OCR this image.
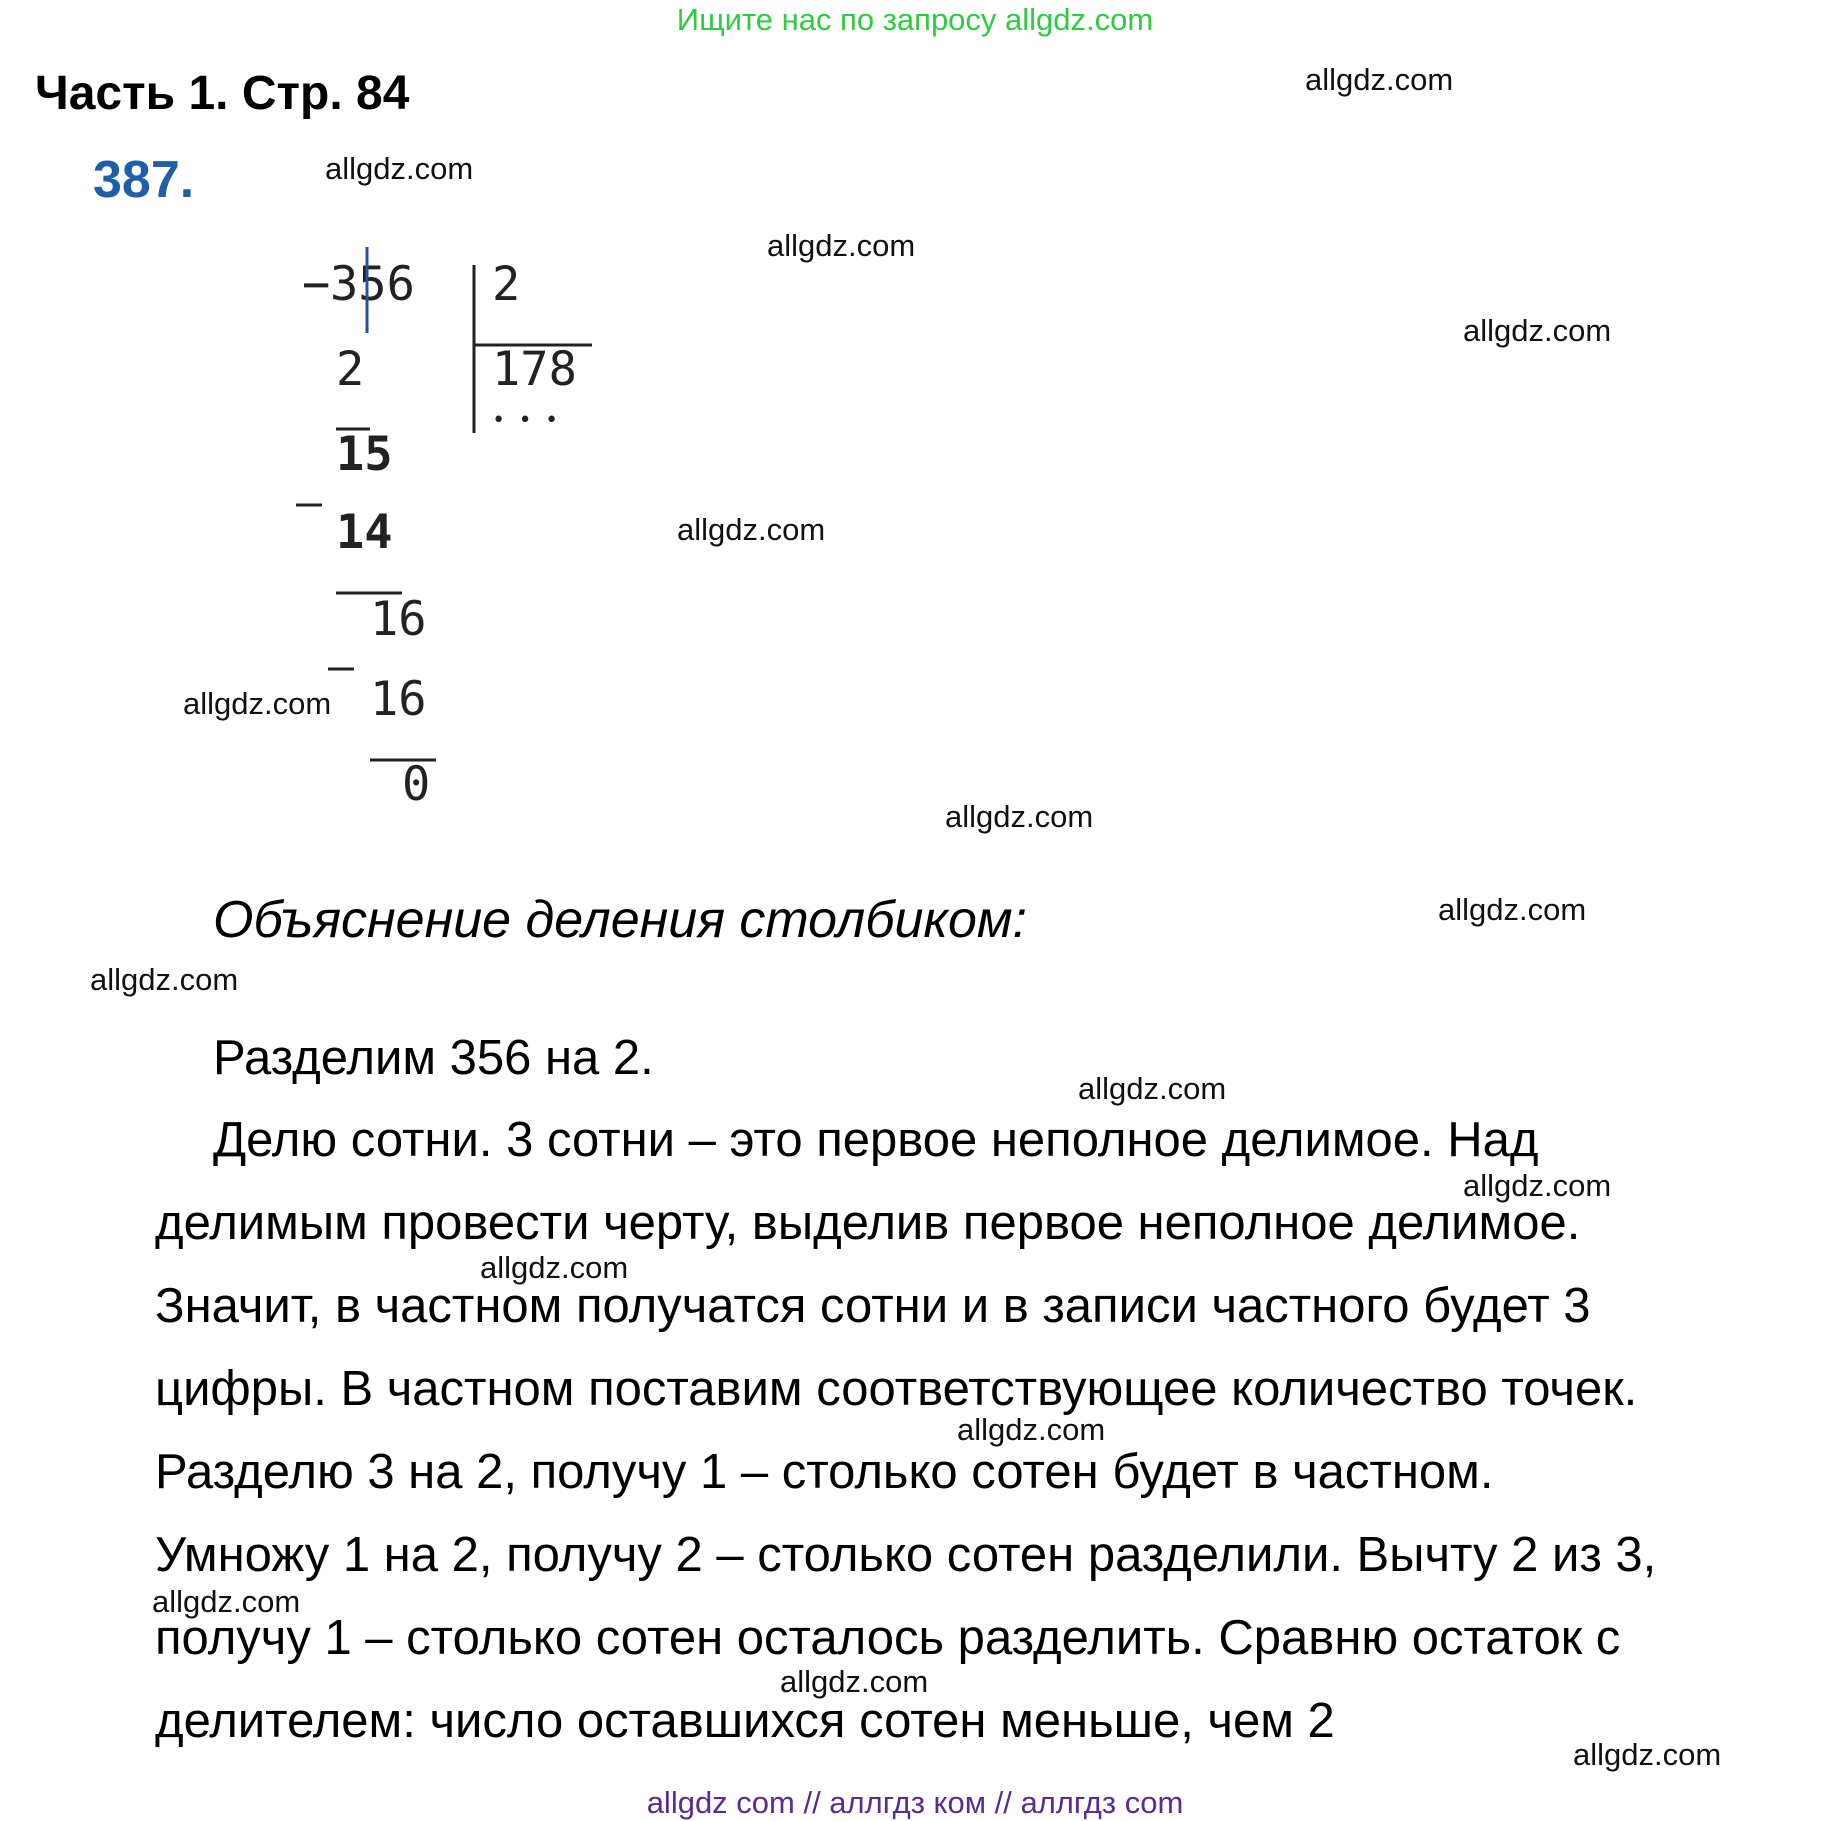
Ищите нас по запросу allgdz.com
Часть 1. Стр. 84
387.
− 356 2
178
• • •
2
15
14
16
16
0
Объяснение деления столбиком:
Разделим 356 на 2.
Делю сотни. 3 сотни – это первое неполное делимое. Над
делимым провести черту, выделив первое неполное делимое.
Значит, в частном получатся сотни и в записи частного будет 3
цифры. В частном поставим соответствующее количество точек.
Разделю 3 на 2, получу 1 – столько сотен будет в частном.
Умножу 1 на 2, получу 2 – столько сотен разделили. Вычту 2 из 3,
получу 1 – столько сотен осталось разделить. Сравню остаток с
делителем: число оставшихся сотен меньше, чем 2
allgdz.com
allgdz.com
allgdz.com
allgdz.com
allgdz.com
allgdz.com
allgdz.com
allgdz.com
allgdz.com
allgdz.com
allgdz.com
allgdz.com
allgdz.com
allgdz.com
allgdz.com
allgdz.com
allgdz com // аллгдз ком // аллгдз com
allgdz.com
